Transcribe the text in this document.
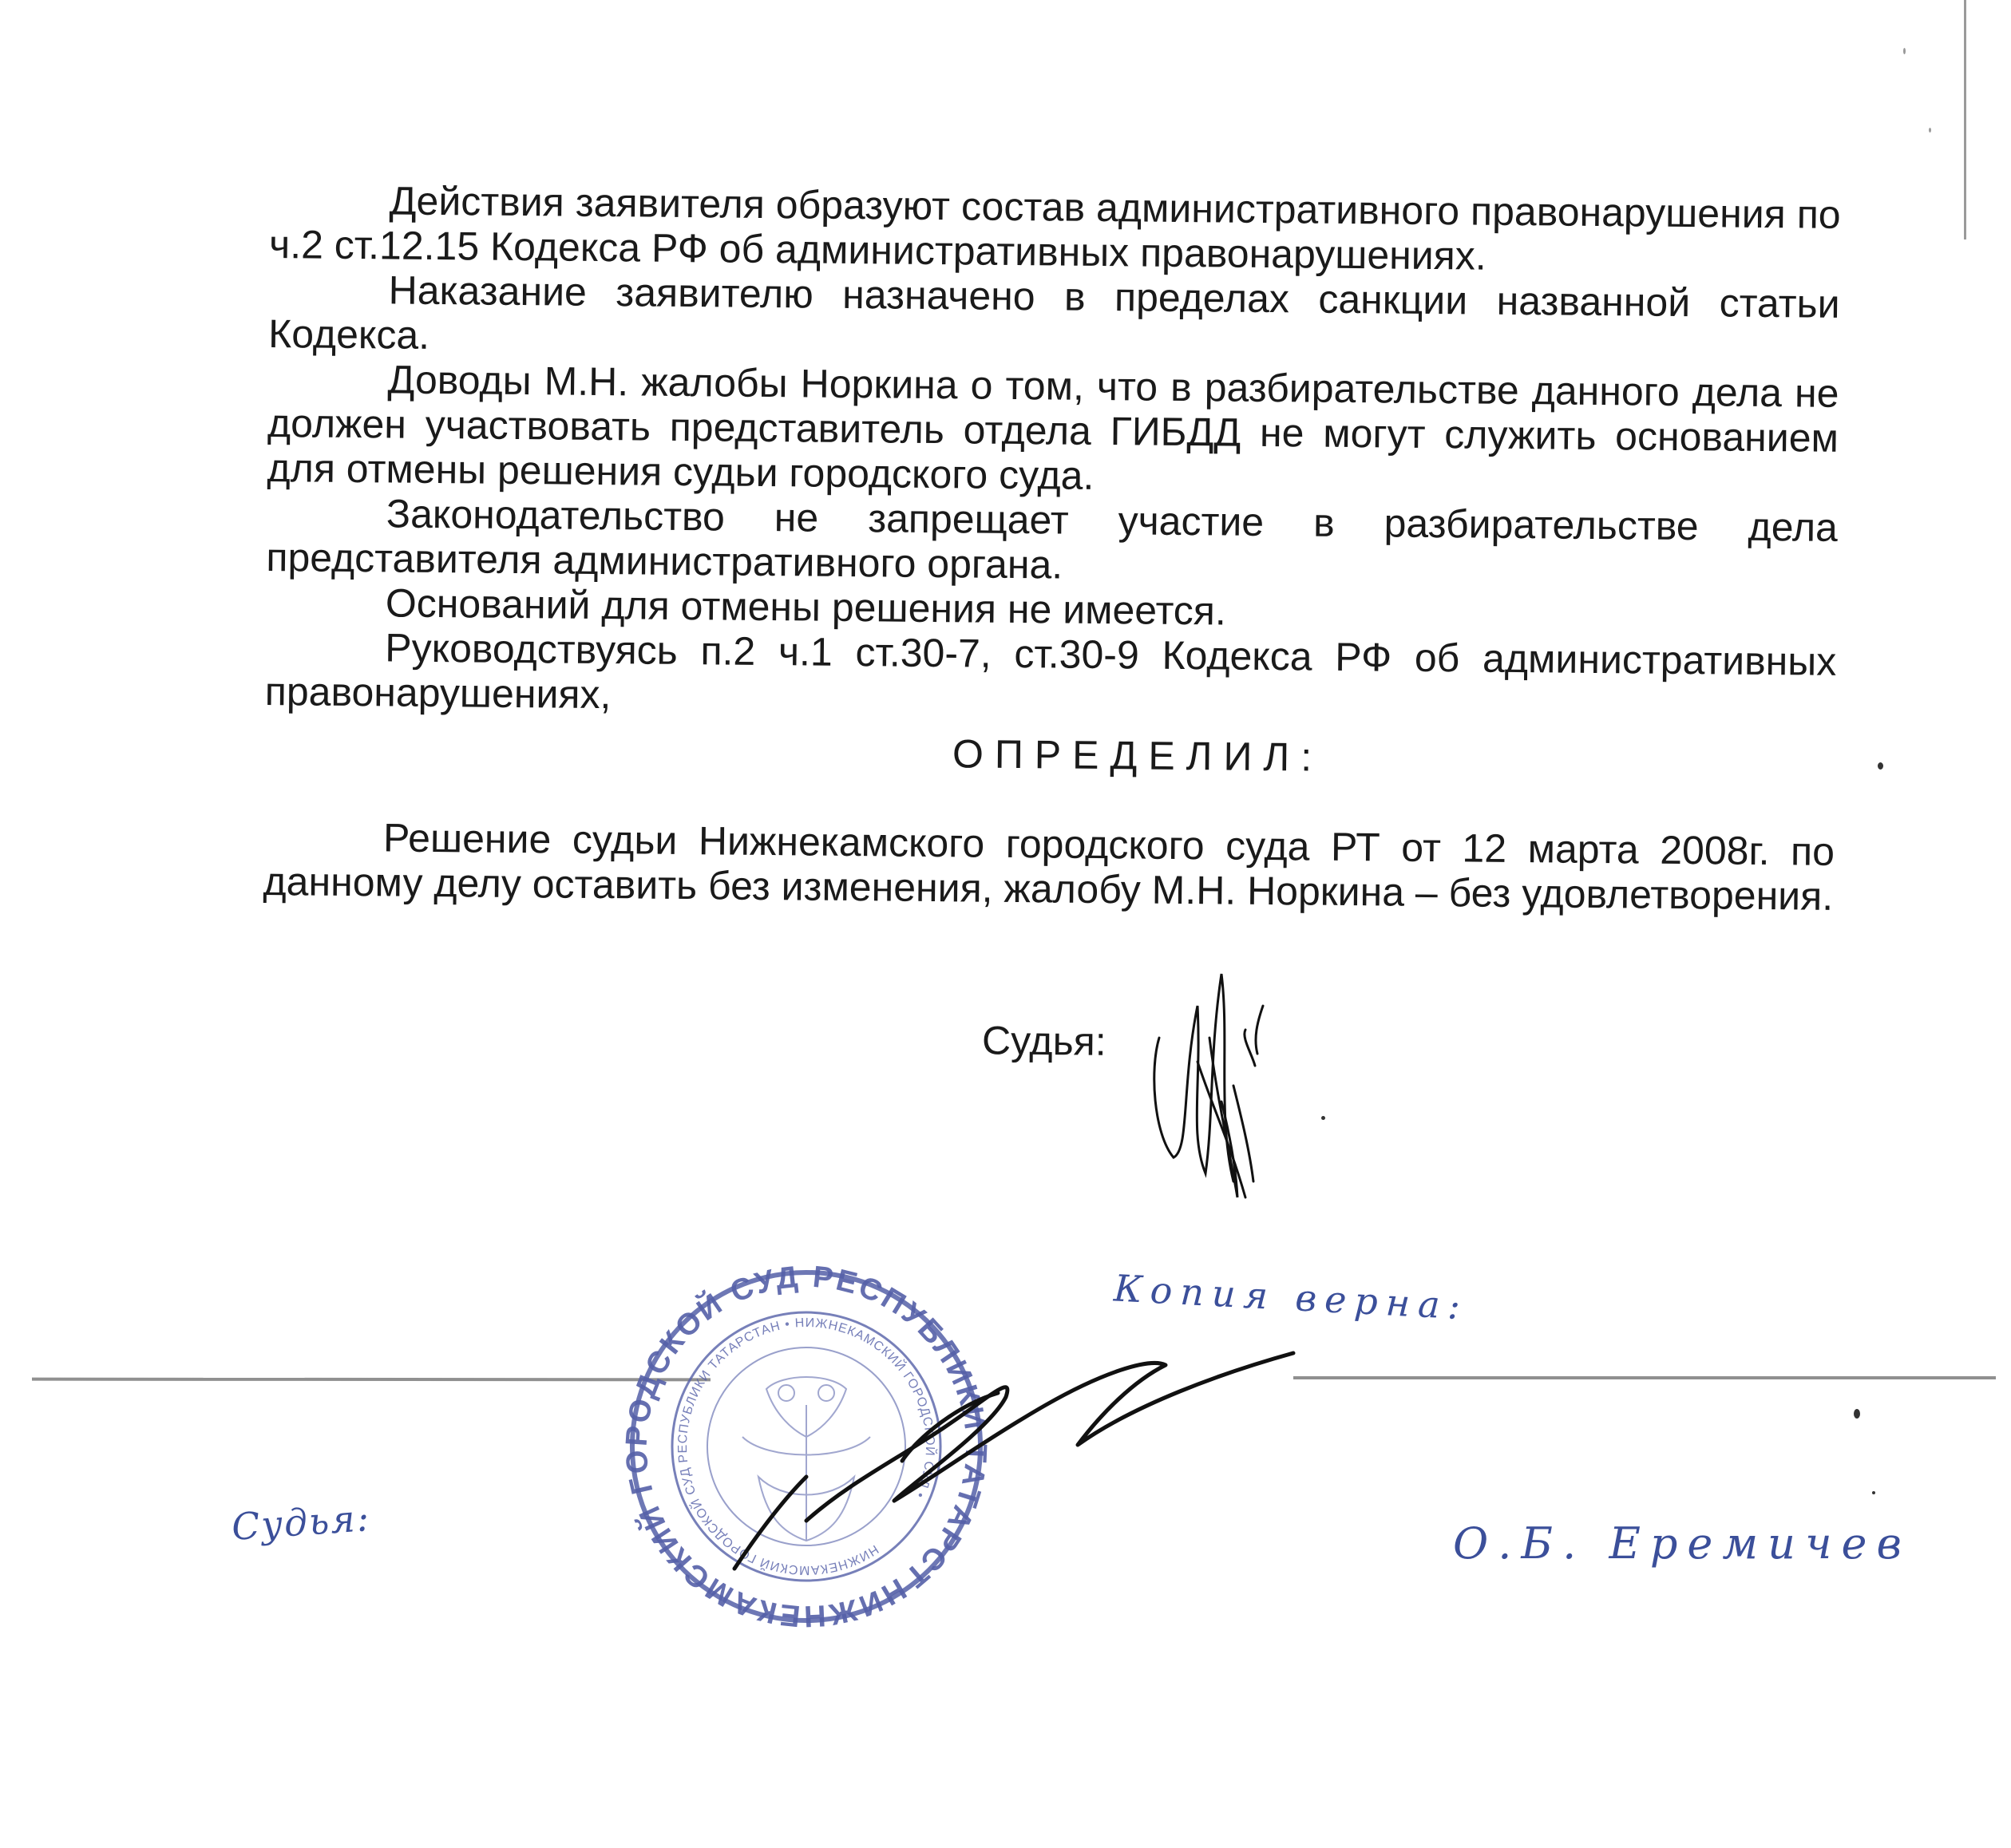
Действия заявителя образуют состав административного правонарушения по ч.2 ст.12.15 Кодекса РФ об административных правонарушениях.

Наказание заявителю назначено в пределах санкции названной статьи Кодекса.

Доводы М.Н. жалобы Норкина о том, что в разбирательстве данного дела не должен участвовать представитель отдела ГИБДД не могут служить основанием для отмены решения судьи городского суда.

Законодательство не запрещает участие в разбирательстве дела представителя административного органа.

Оснований для отмены решения не имеется.

Руководствуясь п.2 ч.1 ст.30-7, ст.30-9 Кодекса РФ об административных правонарушениях,

ОПРЕДЕЛИЛ:

Решение судьи Нижнекамского городского суда РТ от 12 марта 2008г. по данному делу оставить без изменения, жалобу М.Н. Норкина – без удовлетворения.

Судья:
НИЖНЕКАМСКИЙ ГОРОДСКОЙ СУД РЕСПУБЛИКИ ТАТАРСТАН
НИЖНЕКАМСКИЙ ГОРОДСКОЙ СУД РЕСПУБЛИКИ ТАТАРСТАН • НИЖНЕКАМСКИЙ ГОРОДСКОЙ СУД •
Копия верна:
Судья:	О.Б. Еремичев
